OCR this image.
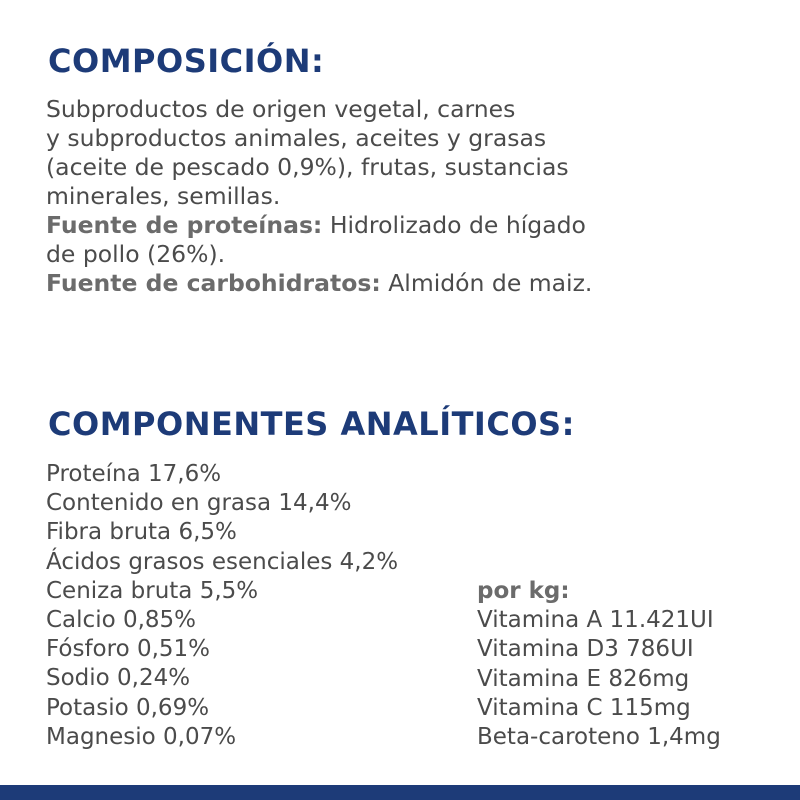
COMPOSICIÓN:
Subproductos de origen vegetal, carnes
y subproductos animales, aceites y grasas
(aceite de pescado 0,9%), frutas, sustancias
minerales, semillas.
Fuente de proteínas: Hidrolizado de hígado
de pollo (26%).
Fuente de carbohidratos: Almidón de maiz.
COMPONENTES ANALÍTICOS:
Proteína 17,6%
Contenido en grasa 14,4%
Fibra bruta 6,5%
Ácidos grasos esenciales 4,2%
Ceniza bruta 5,5%
Calcio 0,85%
Fósforo 0,51%
Sodio 0,24%
Potasio 0,69%
Magnesio 0,07%
por kg:
Vitamina A 11.421UI
Vitamina D3 786UI
Vitamina E 826mg
Vitamina C 115mg
Beta-caroteno 1,4mg
